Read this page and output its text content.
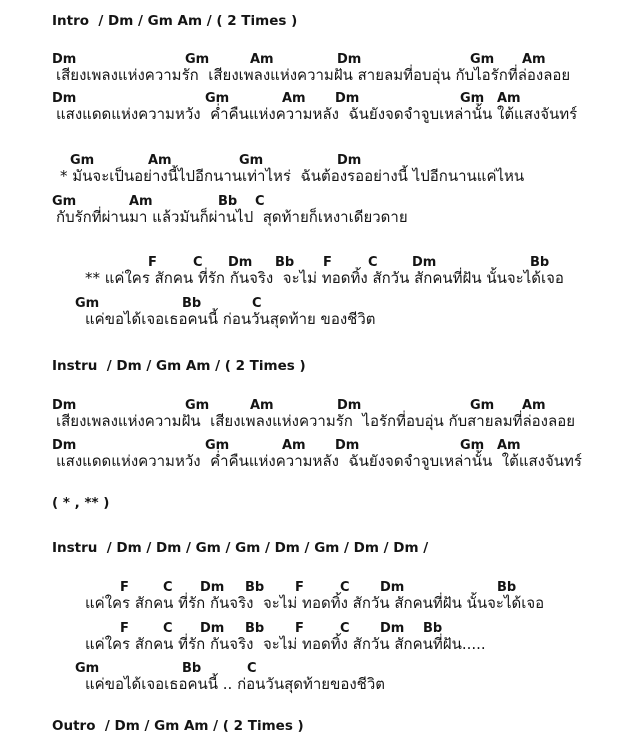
Intro  / Dm / Gm Am / ( 2 Times )
Dm	Gm	Am	Dm	Gm Am
เสียงเพลงแห่งความรัก  เสียงเพลงแห่งความฝัน สายลมที่อบอุ่น กับไอรักที่ล่องลอย
Dm	Gm	Am Dm	Gm Am
แสงแดดแห่งความหวัง  ค่ำคืนแห่งความหลัง  ฉันยังจดจำจูบเหล่านั้น ใต้แสงจันทร์
Gm	Am	Gm	Dm
* มันจะเป็นอย่างนี้ไปอีกนานเท่าไหร่  ฉันต้องรออย่างนี้ ไปอีกนานแค่ไหน
Gm	Am	Bb C
กับรักที่ผ่านมา แล้วมันก็ผ่านไป  สุดท้ายก็เหงาเดียวดาย
F	C Dm Bb F	C	Dm	Bb
** แค่ใคร สักคน ที่รัก กันจริง  จะไม่ ทอดทิ้ง สักวัน สักคนที่ฝัน นั้นจะได้เจอ
Gm	Bb	C
แค่ขอได้เจอเธอคนนี้ ก่อนวันสุดท้าย ของชีวิต
Instru  / Dm / Gm Am / ( 2 Times )
Dm	Gm	Am	Dm	Gm Am
เสียงเพลงแห่งความฝัน  เสียงเพลงแห่งความรัก  ไอรักที่อบอุ่น กับสายลมที่ล่องลอย
Dm	Gm	Am Dm	Gm Am
แสงแดดแห่งความหวัง  ค่ำคืนแห่งความหลัง  ฉันยังจดจำจูบเหล่านั้น  ใต้แสงจันทร์
( * , ** )
Instru  / Dm / Dm / Gm / Gm / Dm / Gm / Dm / Dm /
F	C Dm Bb F	C Dm	Bb
แค่ใคร สักคน ที่รัก กันจริง  จะไม่ ทอดทิ้ง สักวัน สักคนที่ฝัน นั้นจะได้เจอ
F	C Dm Bb F	C Dm Bb
แค่ใคร สักคน ที่รัก กันจริง  จะไม่ ทอดทิ้ง สักวัน สักคนที่ฝัน.....
Gm	Bb	C
แค่ขอได้เจอเธอคนนี้ .. ก่อนวันสุดท้ายของชีวิต
Outro  / Dm / Gm Am / ( 2 Times )
